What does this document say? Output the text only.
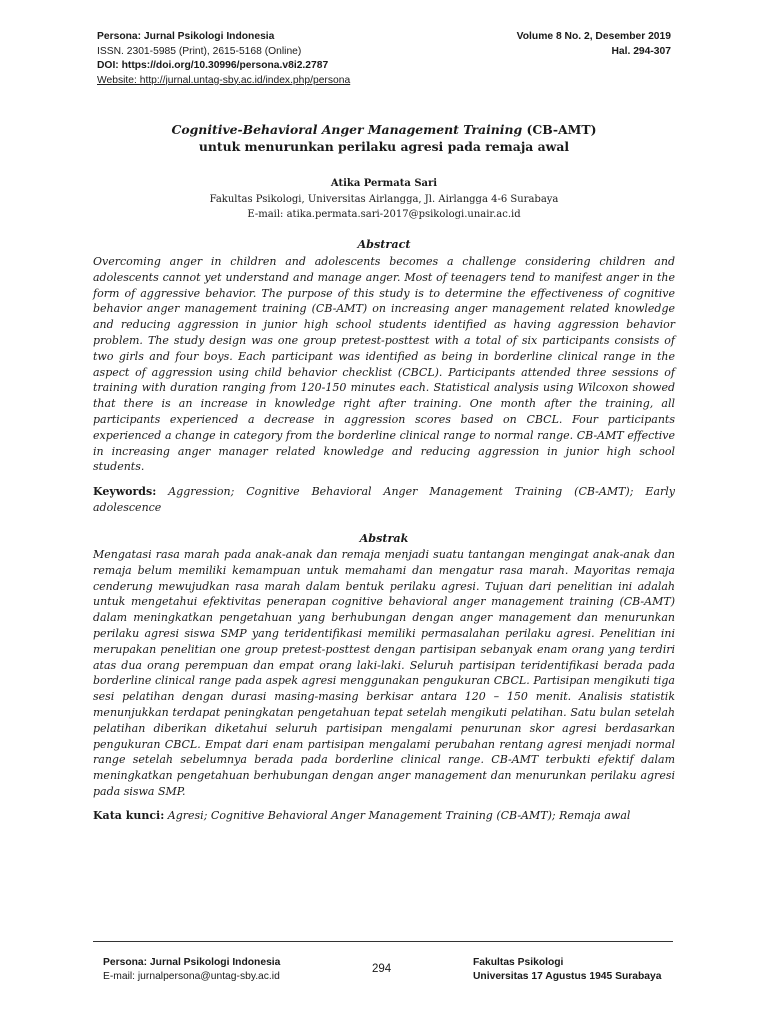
Persona: Jurnal Psikologi Indonesia
ISSN. 2301-5985 (Print), 2615-5168 (Online)
DOI: https://doi.org/10.30996/persona.v8i2.2787
Website: http://jurnal.untag-sby.ac.id/index.php/persona
Volume 8 No. 2, Desember 2019
Hal. 294-307
Cognitive-Behavioral Anger Management Training (CB-AMT)
untuk menurunkan perilaku agresi pada remaja awal
Atika Permata Sari
Fakultas Psikologi, Universitas Airlangga, Jl. Airlangga 4-6 Surabaya
E-mail: atika.permata.sari-2017@psikologi.unair.ac.id
Abstract

Overcoming anger in children and adolescents becomes a challenge considering children and adolescents cannot yet understand and manage anger. Most of teenagers tend to manifest anger in the form of aggressive behavior. The purpose of this study is to determine the effectiveness of cognitive behavior anger management training (CB-AMT) on increasing anger management related knowledge and reducing aggression in junior high school students identified as having aggression behavior problem. The study design was one group pretest-posttest with a total of six participants consists of two girls and four boys. Each participant was identified as being in borderline clinical range in the aspect of aggression using child behavior checklist (CBCL). Participants attended three sessions of training with duration ranging from 120-150 minutes each. Statistical analysis using Wilcoxon showed that there is an increase in knowledge right after training. One month after the training, all participants experienced a decrease in aggression scores based on CBCL. Four participants experienced a change in category from the borderline clinical range to normal range. CB-AMT effective in increasing anger manager related knowledge and reducing aggression in junior high school students.

Keywords: Aggression; Cognitive Behavioral Anger Management Training (CB-AMT); Early adolescence

Abstrak

Mengatasi rasa marah pada anak-anak dan remaja menjadi suatu tantangan mengingat anak-anak dan remaja belum memiliki kemampuan untuk memahami dan mengatur rasa marah. Mayoritas remaja cenderung mewujudkan rasa marah dalam bentuk perilaku agresi. Tujuan dari penelitian ini adalah untuk mengetahui efektivitas penerapan cognitive behavioral anger management training (CB-AMT) dalam meningkatkan pengetahuan yang berhubungan dengan anger management dan menurunkan perilaku agresi siswa SMP yang teridentifikasi memiliki permasalahan perilaku agresi. Penelitian ini merupakan penelitian one group pretest-posttest dengan partisipan sebanyak enam orang yang terdiri atas dua orang perempuan dan empat orang laki-laki. Seluruh partisipan teridentifikasi berada pada borderline clinical range pada aspek agresi menggunakan pengukuran CBCL. Partisipan mengikuti tiga sesi pelatihan dengan durasi masing-masing berkisar antara 120 – 150 menit. Analisis statistik menunjukkan terdapat peningkatan pengetahuan tepat setelah mengikuti pelatihan. Satu bulan setelah pelatihan diberikan diketahui seluruh partisipan mengalami penurunan skor agresi berdasarkan pengukuran CBCL. Empat dari enam partisipan mengalami perubahan rentang agresi menjadi normal range setelah sebelumnya berada pada borderline clinical range. CB-AMT terbukti efektif dalam meningkatkan pengetahuan berhubungan dengan anger management dan menurunkan perilaku agresi pada siswa SMP.

Kata kunci: Agresi; Cognitive Behavioral Anger Management Training (CB-AMT); Remaja awal

Persona: Jurnal Psikologi Indonesia
E-mail: jurnalpersona@untag-sby.ac.id
294
Fakultas Psikologi
Universitas 17 Agustus 1945 Surabaya
